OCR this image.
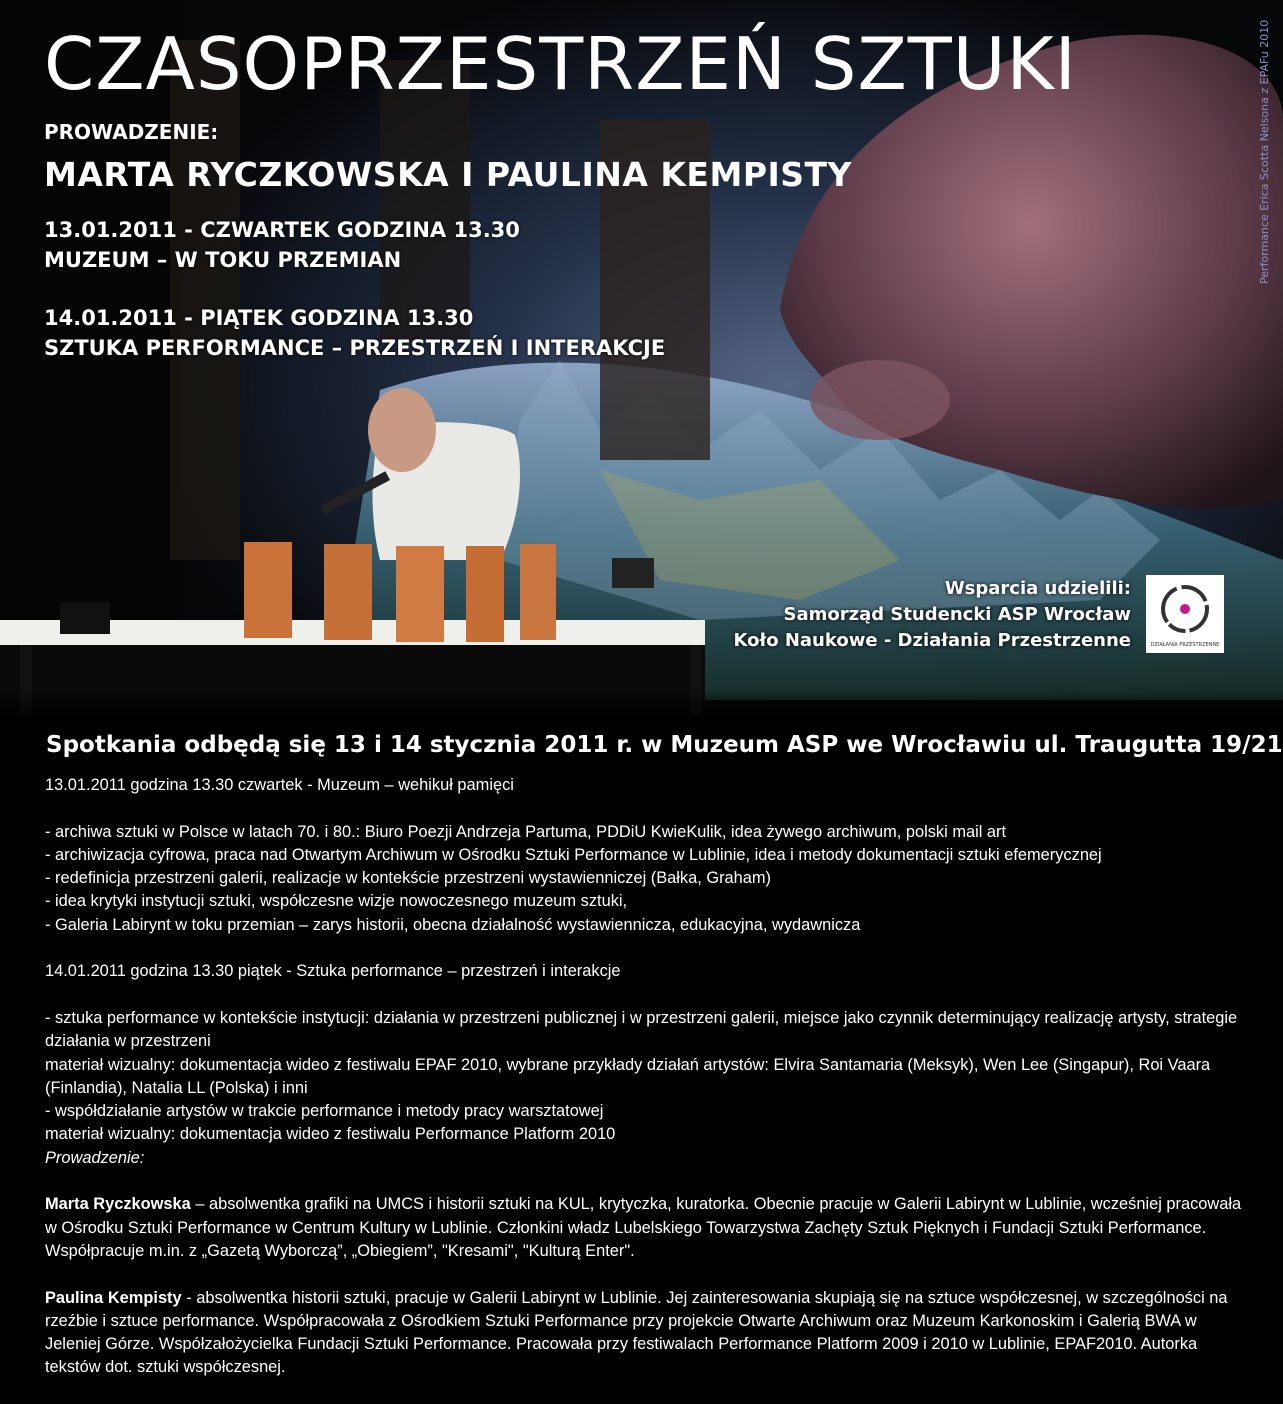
CZASOPRZESTRZEŃ SZTUKI
PROWADZENIE:
MARTA RYCZKOWSKA I PAULINA KEMPISTY
13.01.2011 - CZWARTEK GODZINA 13.30
MUZEUM – W TOKU PRZEMIAN
14.01.2011 - PIĄTEK GODZINA 13.30
SZTUKA PERFORMANCE – PRZESTRZEŃ I INTERAKCJE
Performance Erica Scotta Nelsona z EPAFu 2010
Wsparcia udzielili:
Samorząd Studencki ASP Wrocław
Koło Naukowe - Działania Przestrzenne	DZIAŁANIA PRZESTRZENNE
Spotkania odbędą się 13 i 14 stycznia 2011 r. w Muzeum ASP we Wrocławiu ul. Traugutta 19/21

13.01.2011 godzina 13.30 czwartek - Muzeum – wehikuł pamięci

- archiwa sztuki w Polsce w latach 70. i 80.: Biuro Poezji Andrzeja Partuma, PDDiU KwieKulik, idea żywego archiwum, polski mail art

- archiwizacja cyfrowa, praca nad Otwartym Archiwum w Ośrodku Sztuki Performance w Lublinie, idea i metody dokumentacji sztuki efemerycznej

- redefinicja przestrzeni galerii, realizacje w kontekście przestrzeni wystawienniczej (Bałka, Graham)

- idea krytyki instytucji sztuki, współczesne wizje nowoczesnego muzeum sztuki,

- Galeria Labirynt w toku przemian – zarys historii, obecna działalność wystawiennicza, edukacyjna, wydawnicza

14.01.2011 godzina 13.30 piątek - Sztuka performance – przestrzeń i interakcje

- sztuka performance w kontekście instytucji: działania w przestrzeni publicznej i w przestrzeni galerii, miejsce jako czynnik determinujący realizację artysty, strategie działania w przestrzeni

materiał wizualny: dokumentacja wideo z festiwalu EPAF 2010, wybrane przykłady działań artystów: Elvira Santamaria (Meksyk), Wen Lee (Singapur), Roi Vaara (Finlandia), Natalia LL (Polska) i inni

- współdziałanie artystów w trakcie performance i metody pracy warsztatowej

materiał wizualny: dokumentacja wideo z festiwalu Performance Platform 2010

Prowadzenie:

Marta Ryczkowska – absolwentka grafiki na UMCS i historii sztuki na KUL, krytyczka, kuratorka. Obecnie pracuje w Galerii Labirynt w Lublinie, wcześniej pracowała w Ośrodku Sztuki Performance w Centrum Kultury w Lublinie. Członkini władz Lubelskiego Towarzystwa Zachęty Sztuk Pięknych i Fundacji Sztuki Performance. Współpracuje m.in. z „Gazetą Wyborczą”, „Obiegiem”, "Kresami", "Kulturą Enter".

Paulina Kempisty - absolwentka historii sztuki, pracuje w Galerii Labirynt w Lublinie. Jej zainteresowania skupiają się na sztuce współczesnej, w szczególności na rzeźbie i sztuce performance. Współpracowała z Ośrodkiem Sztuki Performance przy projekcie Otwarte Archiwum oraz Muzeum Karkonoskim i Galerią BWA w Jeleniej Górze. Współzałożycielka Fundacji Sztuki Performance. Pracowała przy festiwalach Performance Platform 2009 i 2010 w Lublinie, EPAF2010. Autorka tekstów dot. sztuki współczesnej.
